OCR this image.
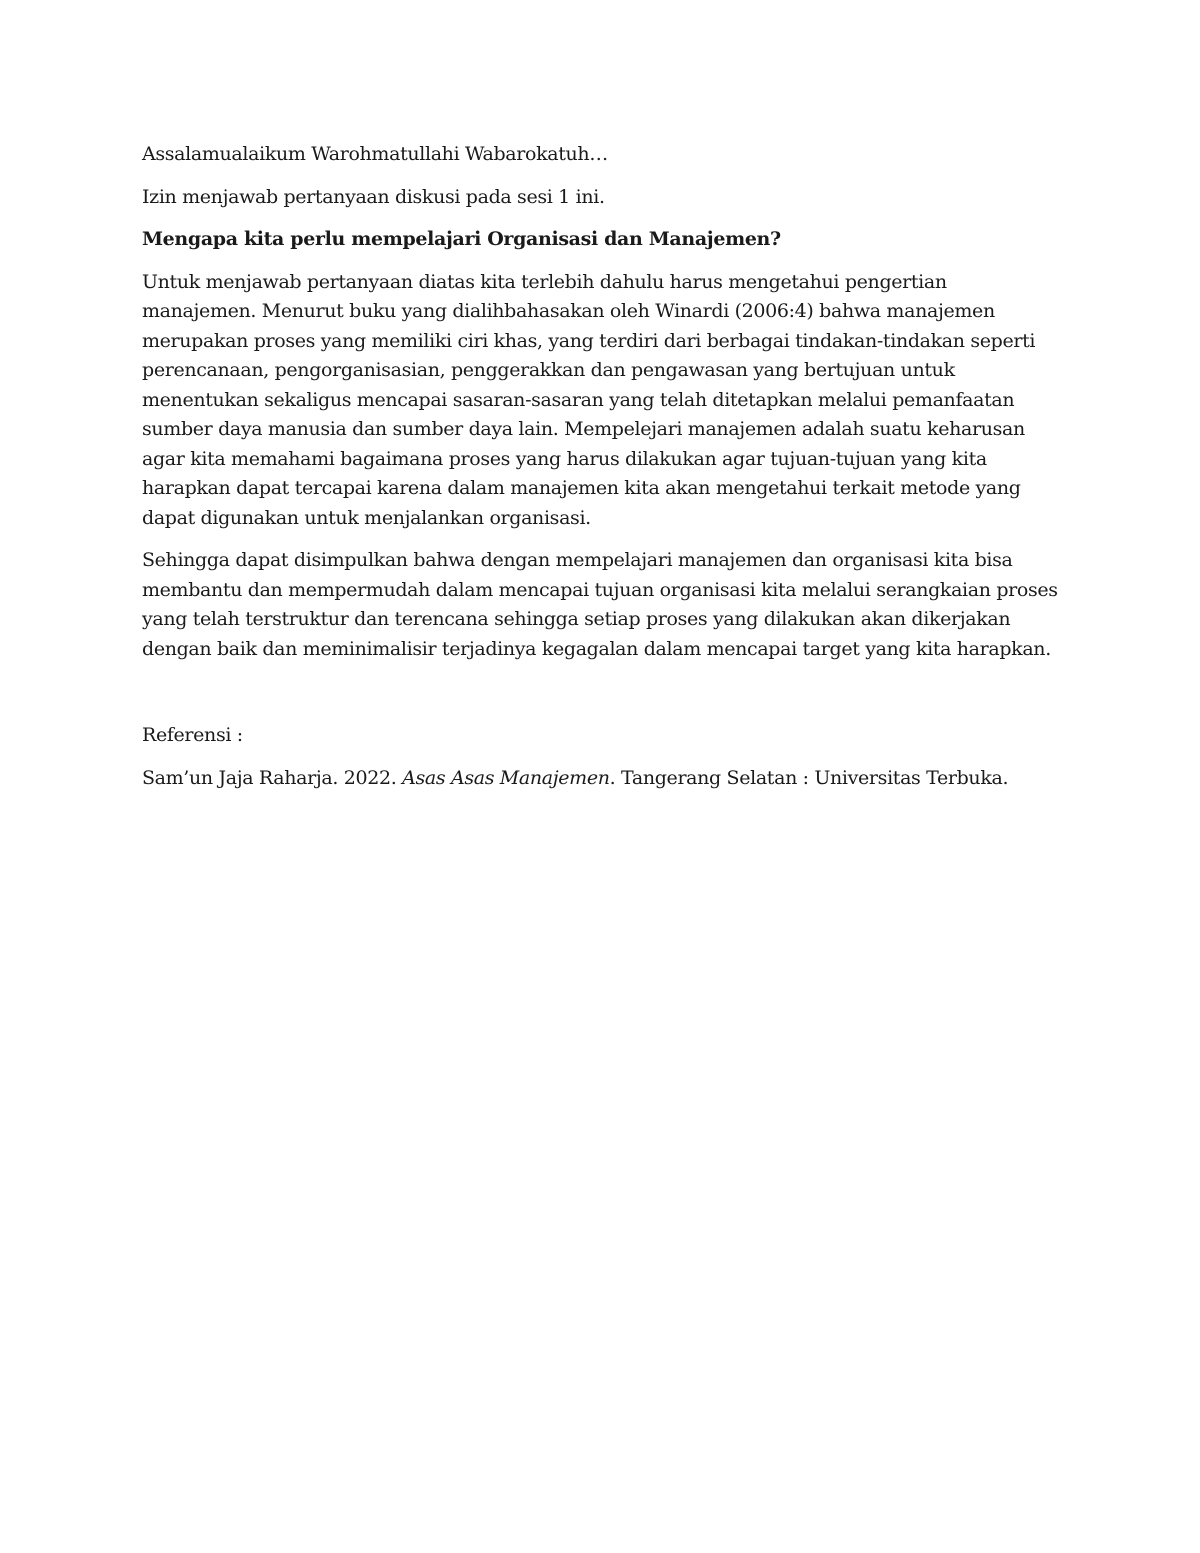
Assalamualaikum Warohmatullahi Wabarokatuh…

Izin menjawab pertanyaan diskusi pada sesi 1 ini.

Mengapa kita perlu mempelajari Organisasi dan Manajemen?

Untuk menjawab pertanyaan diatas kita terlebih dahulu harus mengetahui pengertian
manajemen. Menurut buku yang dialihbahasakan oleh Winardi (2006:4) bahwa manajemen
merupakan proses yang memiliki ciri khas, yang terdiri dari berbagai tindakan-tindakan seperti
perencanaan, pengorganisasian, penggerakkan dan pengawasan yang bertujuan untuk
menentukan sekaligus mencapai sasaran-sasaran yang telah ditetapkan melalui pemanfaatan
sumber daya manusia dan sumber daya lain. Mempelejari manajemen adalah suatu keharusan
agar kita memahami bagaimana proses yang harus dilakukan agar tujuan-tujuan yang kita
harapkan dapat tercapai karena dalam manajemen kita akan mengetahui terkait metode yang
dapat digunakan untuk menjalankan organisasi.

Sehingga dapat disimpulkan bahwa dengan mempelajari manajemen dan organisasi kita bisa
membantu dan mempermudah dalam mencapai tujuan organisasi kita melalui serangkaian proses
yang telah terstruktur dan terencana sehingga setiap proses yang dilakukan akan dikerjakan
dengan baik dan meminimalisir terjadinya kegagalan dalam mencapai target yang kita harapkan.

Referensi :

Sam’un Jaja Raharja. 2022. Asas Asas Manajemen. Tangerang Selatan : Universitas Terbuka.
